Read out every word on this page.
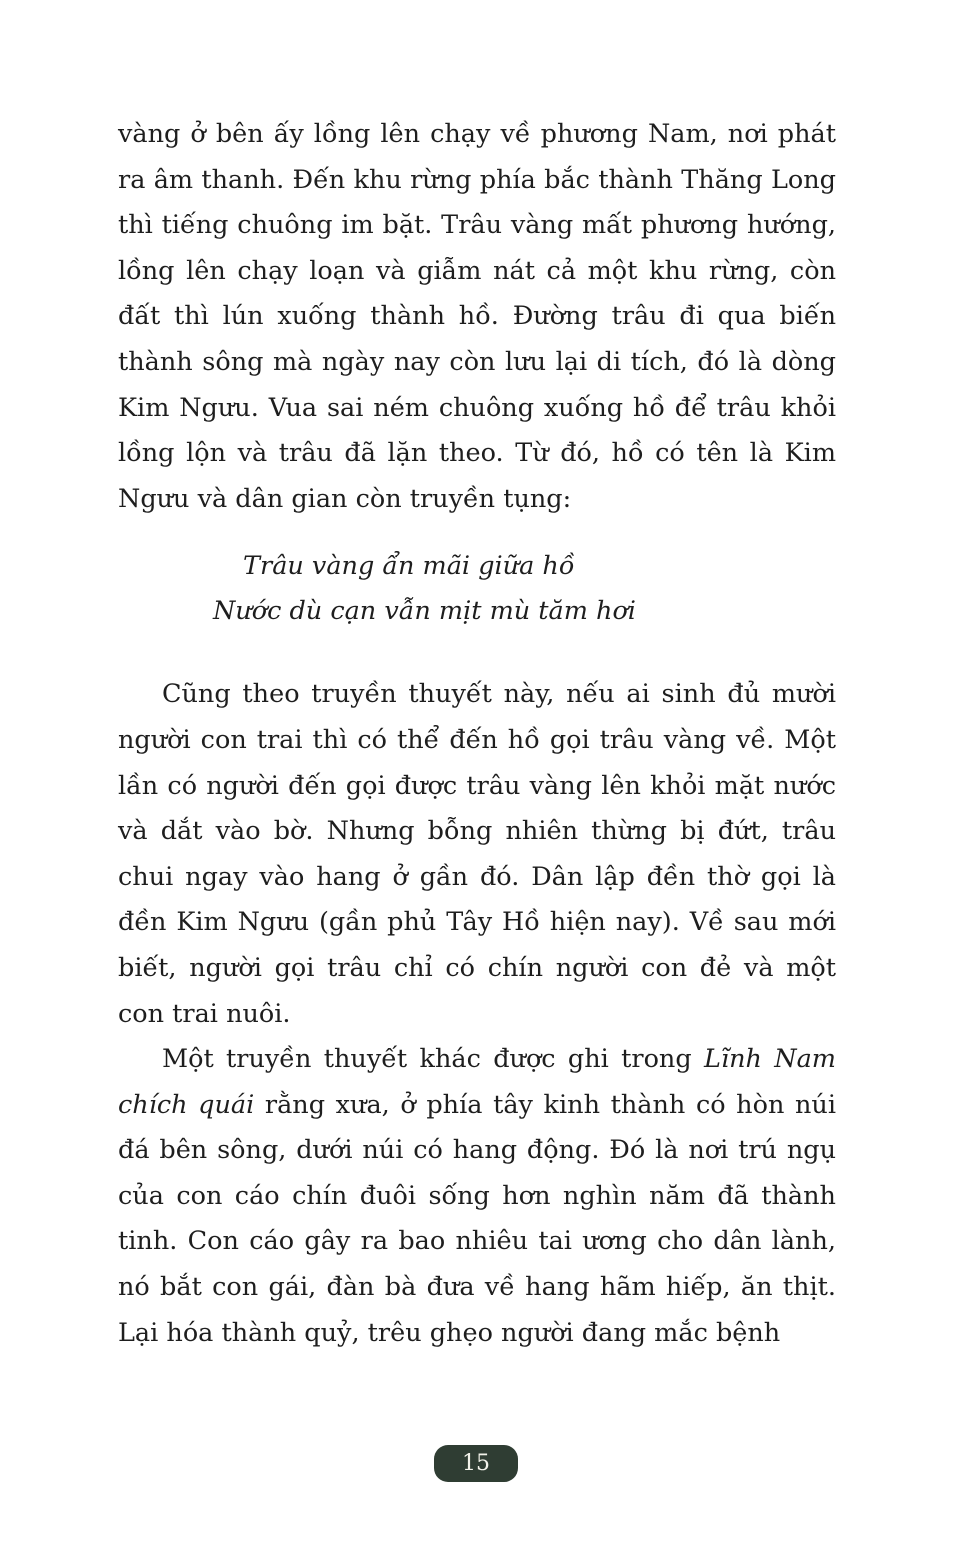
vàng ở bên ấy lồng lên chạy về phương Nam, nơi phát ra âm thanh. Đến khu rừng phía bắc thành Thăng Long thì tiếng chuông im bặt. Trâu vàng mất phương hướng, lồng lên chạy loạn và giẫm nát cả một khu rừng, còn đất thì lún xuống thành hồ. Đường trâu đi qua biến thành sông mà ngày nay còn lưu lại di tích, đó là dòng Kim Ngưu. Vua sai ném chuông xuống hồ để trâu khỏi lồng lộn và trâu đã lặn theo. Từ đó, hồ có tên là Kim Ngưu và dân gian còn truyền tụng:

Trâu vàng ẩn mãi giữa hồ
Nước dù cạn vẫn mịt mù tăm hơi

Cũng theo truyền thuyết này, nếu ai sinh đủ mười người con trai thì có thể đến hồ gọi trâu vàng về. Một lần có người đến gọi được trâu vàng lên khỏi mặt nước và dắt vào bờ. Nhưng bỗng nhiên thừng bị đứt, trâu chui ngay vào hang ở gần đó. Dân lập đền thờ gọi là đền Kim Ngưu (gần phủ Tây Hồ hiện nay). Về sau mới biết, người gọi trâu chỉ có chín người con đẻ và một con trai nuôi.

Một truyền thuyết khác được ghi trong Lĩnh Nam chích quái rằng xưa, ở phía tây kinh thành có hòn núi đá bên sông, dưới núi có hang động. Đó là nơi trú ngụ của con cáo chín đuôi sống hơn nghìn năm đã thành tinh. Con cáo gây ra bao nhiêu tai ương cho dân lành, nó bắt con gái, đàn bà đưa về hang hãm hiếp, ăn thịt. Lại hóa thành quỷ, trêu ghẹo người đang mắc bệnh

15
